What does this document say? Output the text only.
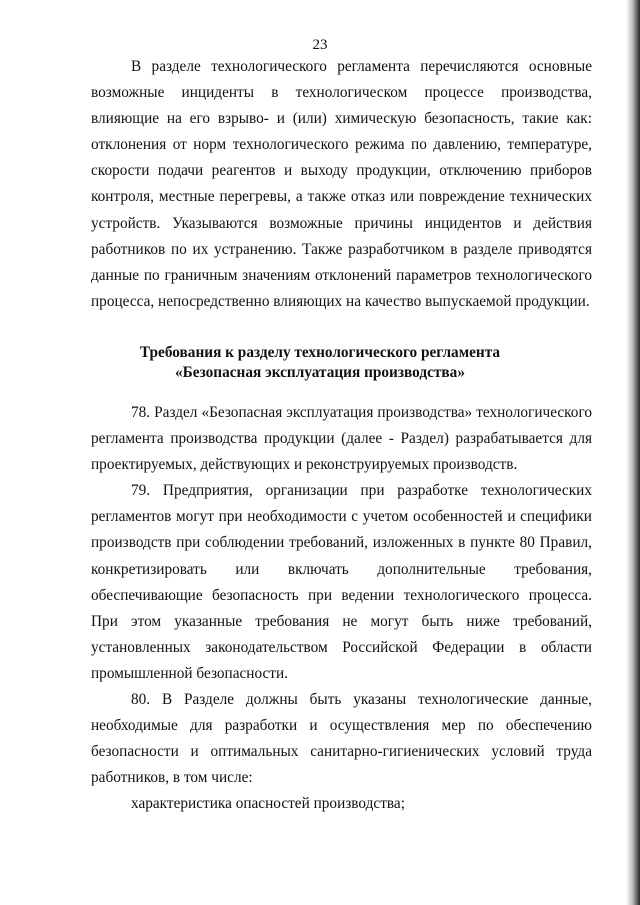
23

В разделе технологического регламента перечисляются основные возможные инциденты в технологическом процессе производства, влияющие на его взрыво- и (или) химическую безопасность, такие как: отклонения от норм технологического режима по давлению, температуре, скорости подачи реагентов и выходу продукции, отключению приборов контроля, местные перегревы, а также отказ или повреждение технических устройств. Указываются возможные причины инцидентов и действия работников по их устранению. Также разработчиком в разделе приводятся данные по граничным значениям отклонений параметров технологического процесса, непосредственно влияющих на качество выпускаемой продукции.

Требования к разделу технологического регламента
«Безопасная эксплуатация производства»

78. Раздел «Безопасная эксплуатация производства» технологического регламента производства продукции (далее - Раздел) разрабатывается для проектируемых, действующих и реконструируемых производств.

79. Предприятия, организации при разработке технологических регламентов могут при необходимости с учетом особенностей и специфики производств при соблюдении требований, изложенных в пункте 80 Правил, конкретизировать или включать дополнительные требования, обеспечивающие безопасность при ведении технологического процесса. При этом указанные требования не могут быть ниже требований, установленных законодательством Российской Федерации в области промышленной безопасности.

80. В Разделе должны быть указаны технологические данные, необходимые для разработки и осуществления мер по обеспечению безопасности и оптимальных санитарно-гигиенических условий труда работников, в том числе:

характеристика опасностей производства;
